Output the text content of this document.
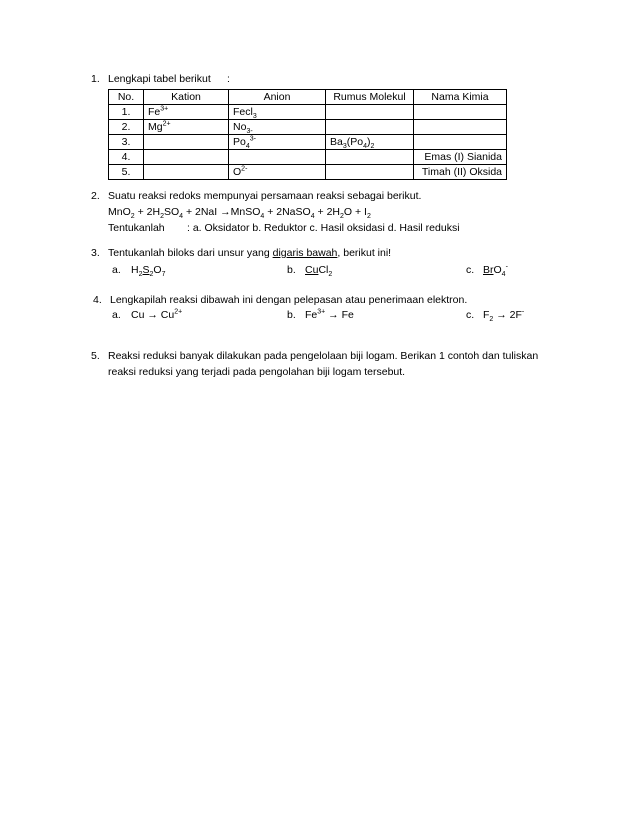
1. Lengkapi tabel berikut :
No.	Kation	Anion	Rumus Molekul	Nama Kimia
1.	$Fe^{3+}$	Fecl$_3$		
2.	$Mg^{2+}$	$No_{3-}$		
3.		$Po_4^{3-}$	$Ba_3(Po_4)_2$	
4.				Emas (I) Sianida
5.		$O^{2-}$		Timah (II) Oksida
2. Suatu reaksi redoks mempunyai persamaan reaksi sebagai berikut.
$MnO_2 + 2H_2SO_4 + 2NaI$ →MnSO$_4$ + 2NaSO$_4$ + $2H_2O + I_2$
Tentukanlah : a. Oksidator b. Reduktor c. Hasil oksidasi d. Hasil reduksi
3. Tentukanlah biloks dari unsur yang digaris bawah, berikut ini!
a. $H_2S_2O_7$	b. CuCl$_2$	c. BrO$_4$-
4. Lengkapilah reaksi dibawah ini dengan pelepasan atau penerimaan elektron.
a. $Cu \to Cu^{2+}$	b. $Fe^{3+} \to Fe$	c. $F_2 \to 2F^-$
5. Reaksi reduksi banyak dilakukan pada pengelolaan biji logam. Berikan 1 contoh dan tuliskan
reaksi reduksi yang terjadi pada pengolahan biji logam tersebut.
